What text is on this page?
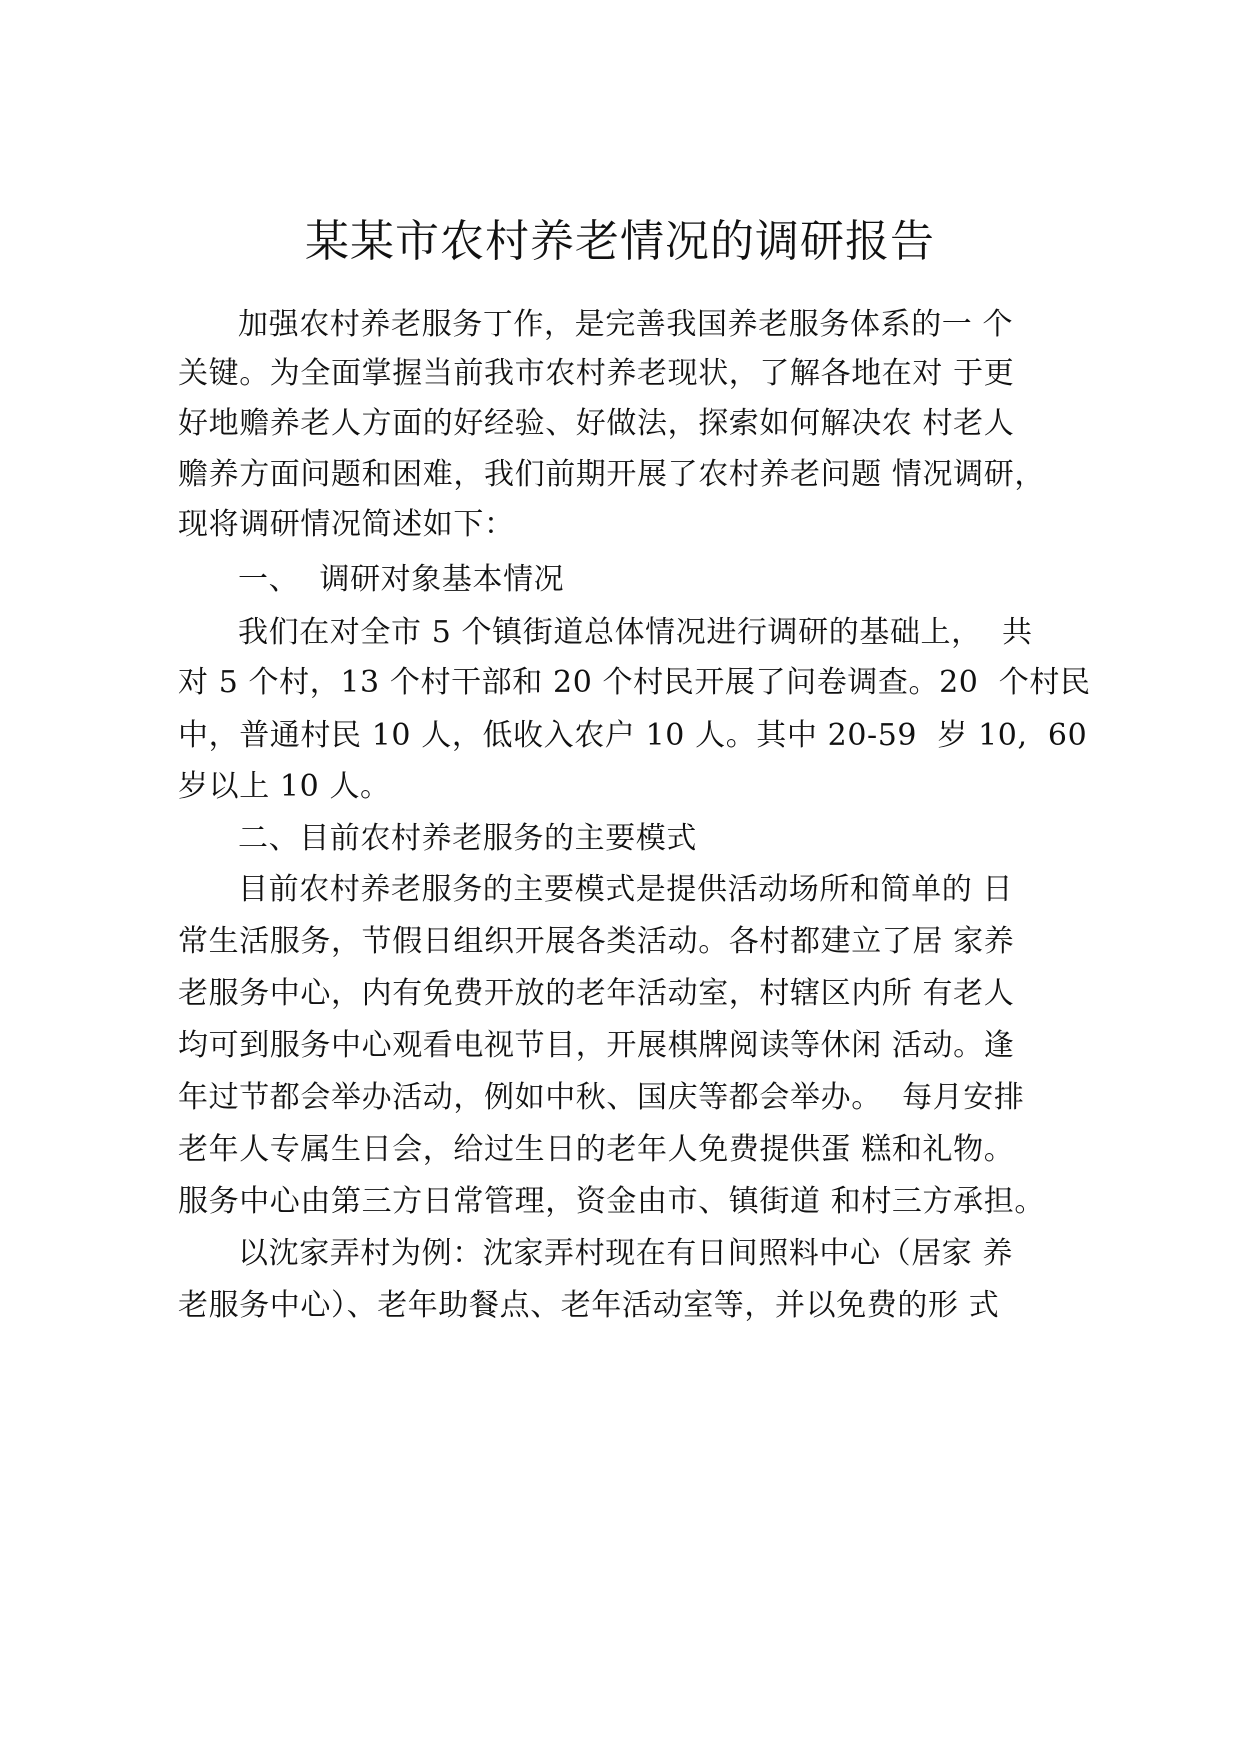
某某市农村养老情况的调研报告
加强农村养老服务丁作，是完善我国养老服务体系的一 个
关键。为全面掌握当前我市农村养老现状，了解各地在对 于更
好地赡养老人方面的好经验、好做法，探索如何解决农 村老人
赡养方面问题和困难，我们前期开展了农村养老问题 情况调研，
现将调研情况简述如下：
一、  调研对象基本情况
我们在对全市 5 个镇街道总体情况进行调研的基础上，  共
对 5 个村，13 个村干部和 20 个村民开展了问卷调查。20  个村民
中，普通村民 10 人，低收入农户 10 人。其中 20-59  岁 10,  60
岁以上 10 人。
二、目前农村养老服务的主要模式
目前农村养老服务的主要模式是提供活动场所和简单的 日
常生活服务，节假日组织开展各类活动。各村都建立了居 家养
老服务中心，内有免费开放的老年活动室，村辖区内所 有老人
均可到服务中心观看电视节目，开展棋牌阅读等休闲 活动。逢
年过节都会举办活动，例如中秋、国庆等都会举办。  每月安排
老年人专属生日会，给过生日的老年人免费提供蛋 糕和礼物。
服务中心由第三方日常管理，资金由市、镇街道 和村三方承担。
以沈家弄村为例：沈家弄村现在有日间照料中心（居家 养
老服务中心）、老年助餐点、老年活动室等，并以免费的形 式
